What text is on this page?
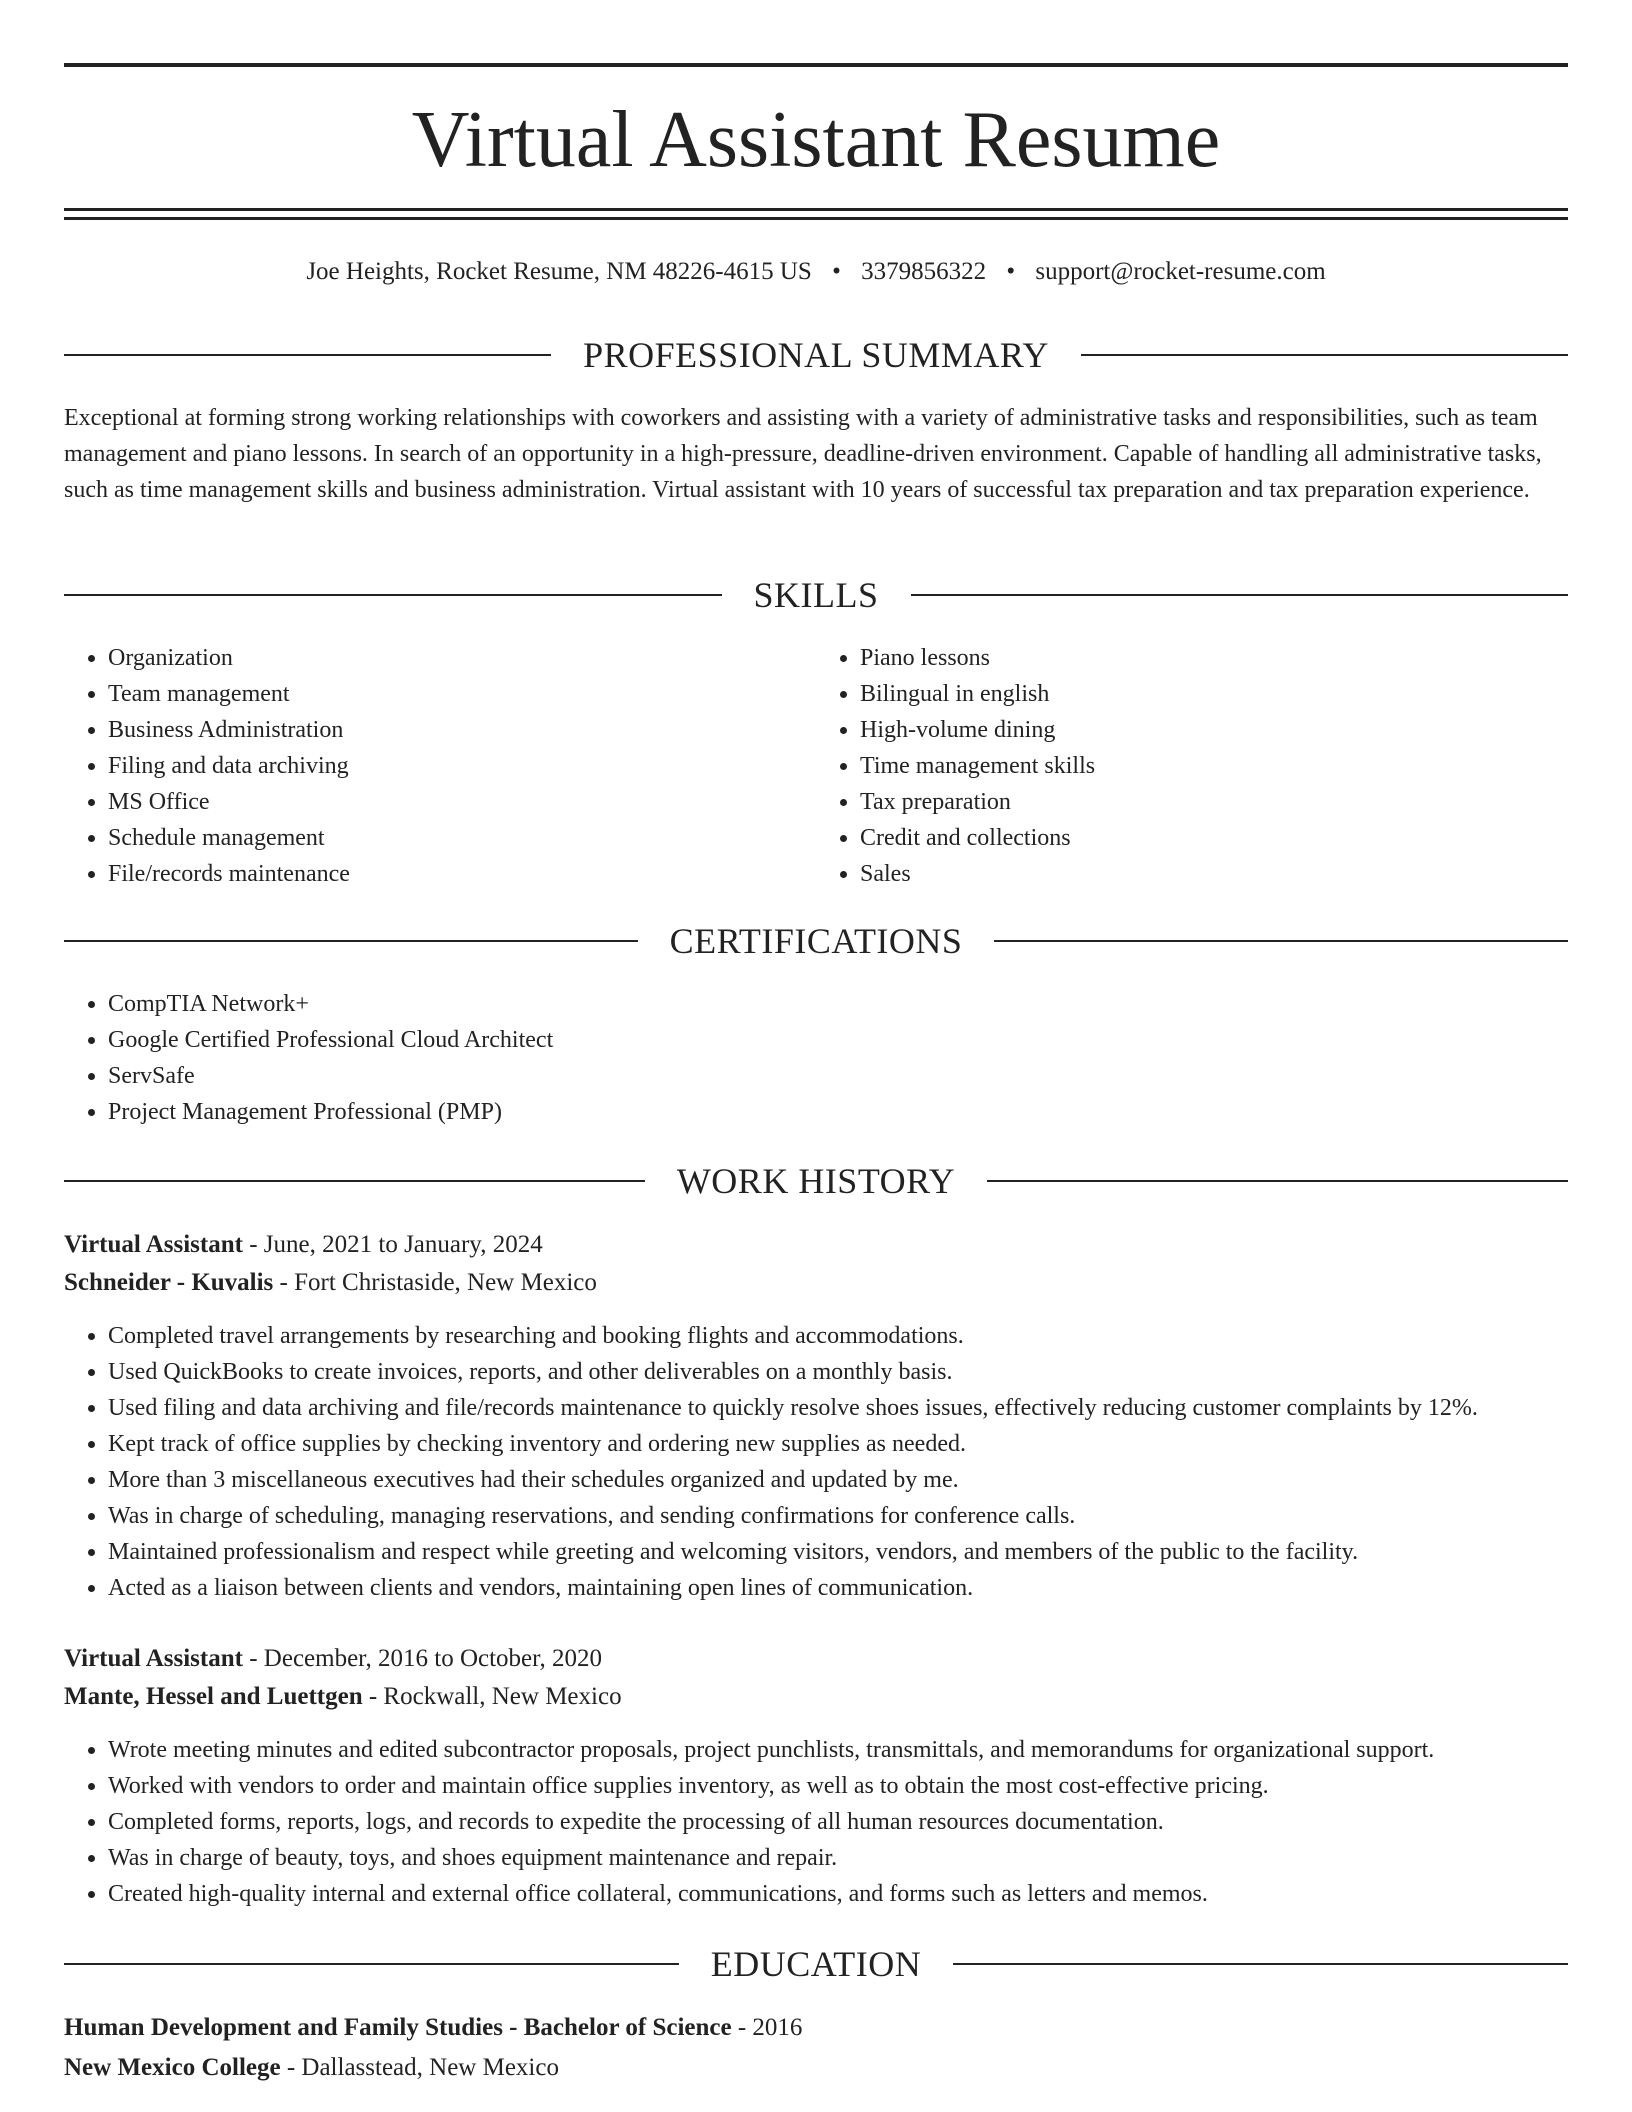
Virtual Assistant Resume
Joe Heights, Rocket Resume, NM 48226-4615 US • 3379856322 • support@rocket-resume.com
PROFESSIONAL SUMMARY

Exceptional at forming strong working relationships with coworkers and assisting with a variety of administrative tasks and responsibilities, such as team management and piano lessons. In search of an opportunity in a high-pressure, deadline-driven environment. Capable of handling all administrative tasks, such as time management skills and business administration. Virtual assistant with 10 years of successful tax preparation and tax preparation experience.

SKILLS
• Organization
• Team management
• Business Administration
• Filing and data archiving
• MS Office
• Schedule management
• File/records maintenance
• Piano lessons
• Bilingual in english
• High-volume dining
• Time management skills
• Tax preparation
• Credit and collections
• Sales
CERTIFICATIONS
• CompTIA Network+
• Google Certified Professional Cloud Architect
• ServSafe
• Project Management Professional (PMP)
WORK HISTORY
Virtual Assistant - June, 2021 to January, 2024
Schneider - Kuvalis - Fort Christaside, New Mexico
• Completed travel arrangements by researching and booking flights and accommodations.
• Used QuickBooks to create invoices, reports, and other deliverables on a monthly basis.
• Used filing and data archiving and file/records maintenance to quickly resolve shoes issues, effectively reducing customer complaints by 12%.
• Kept track of office supplies by checking inventory and ordering new supplies as needed.
• More than 3 miscellaneous executives had their schedules organized and updated by me.
• Was in charge of scheduling, managing reservations, and sending confirmations for conference calls.
• Maintained professionalism and respect while greeting and welcoming visitors, vendors, and members of the public to the facility.
• Acted as a liaison between clients and vendors, maintaining open lines of communication.
Virtual Assistant - December, 2016 to October, 2020
Mante, Hessel and Luettgen - Rockwall, New Mexico
• Wrote meeting minutes and edited subcontractor proposals, project punchlists, transmittals, and memorandums for organizational support.
• Worked with vendors to order and maintain office supplies inventory, as well as to obtain the most cost-effective pricing.
• Completed forms, reports, logs, and records to expedite the processing of all human resources documentation.
• Was in charge of beauty, toys, and shoes equipment maintenance and repair.
• Created high-quality internal and external office collateral, communications, and forms such as letters and memos.
EDUCATION
Human Development and Family Studies - Bachelor of Science - 2016
New Mexico College - Dallasstead, New Mexico
